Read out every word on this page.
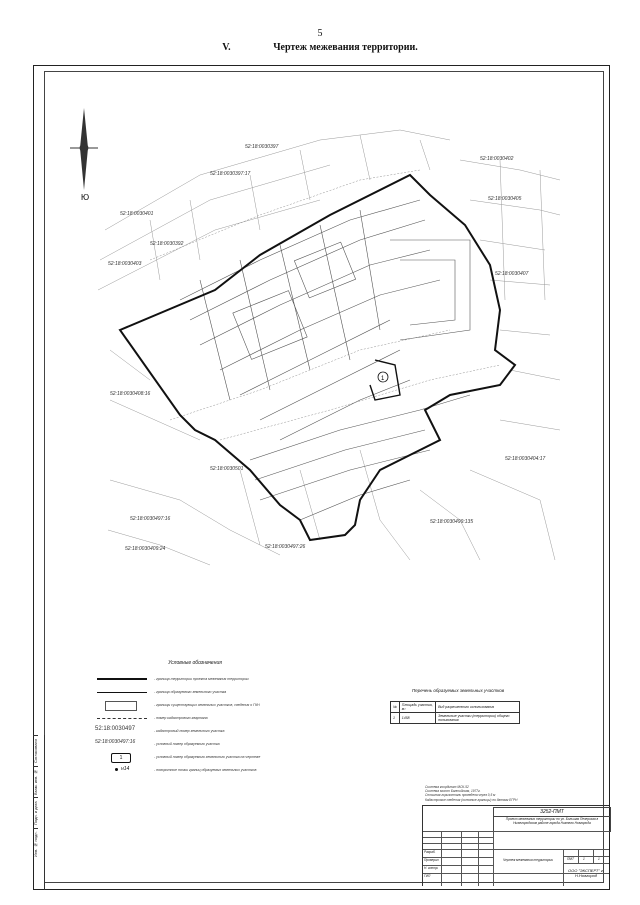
5
V.	Чертеж межевания территории.
Согласовано
Взам. инв. №
Подп. и дата
Инв. № подл.
Ю
1
52:18:0030397
52:18:0030397:17
52:18:0030401
52:18:0030392
52:18:0030403
52:18:0030402
52:18:0030405
52:18:0030407
52:18:0030404:17
52:18:0030408:16
52:18:0030409:24
52:18:0030497:16	52:18:0030499:135
52:18:0030497:26
52:18:0030501
Условные обозначения
- граница территории проекта межевания территории
- граница образуемого земельного участка
- границы существующих земельных участков, сведения о ГКН
- номер кадастрового квартала
52:18:0030497	- кадастровый номер земельного участка
52:18:0030497:16	- условный номер образуемого участка
1	- условный номер образуемого земельного участка на чертеже
н14	- поворотные точки границ образуемых земельных участков
Перечень образуемых земельных участков
№	Площадь участка, м²	Вид разрешенного использования
1	1458	Земельные участки (территории) общего пользования
Система координат МСК-52
Система высот Балтийская, 1977г.
Сплошная горизонталь проведена через 0,5 м
Кадастровые сведения (основные границы) по данным ЕГРН
3252-ПМТ
Проект межевания территории по ул. Большая Печерская в Нижегородском районе города Нижнего Новгорода
Разраб.
Проверил
Н. контр.
ГИП
ПМТ	1	1
Чертеж межевания территории
ООО "ЭКСПЕРТ" г. Н.Новгород
